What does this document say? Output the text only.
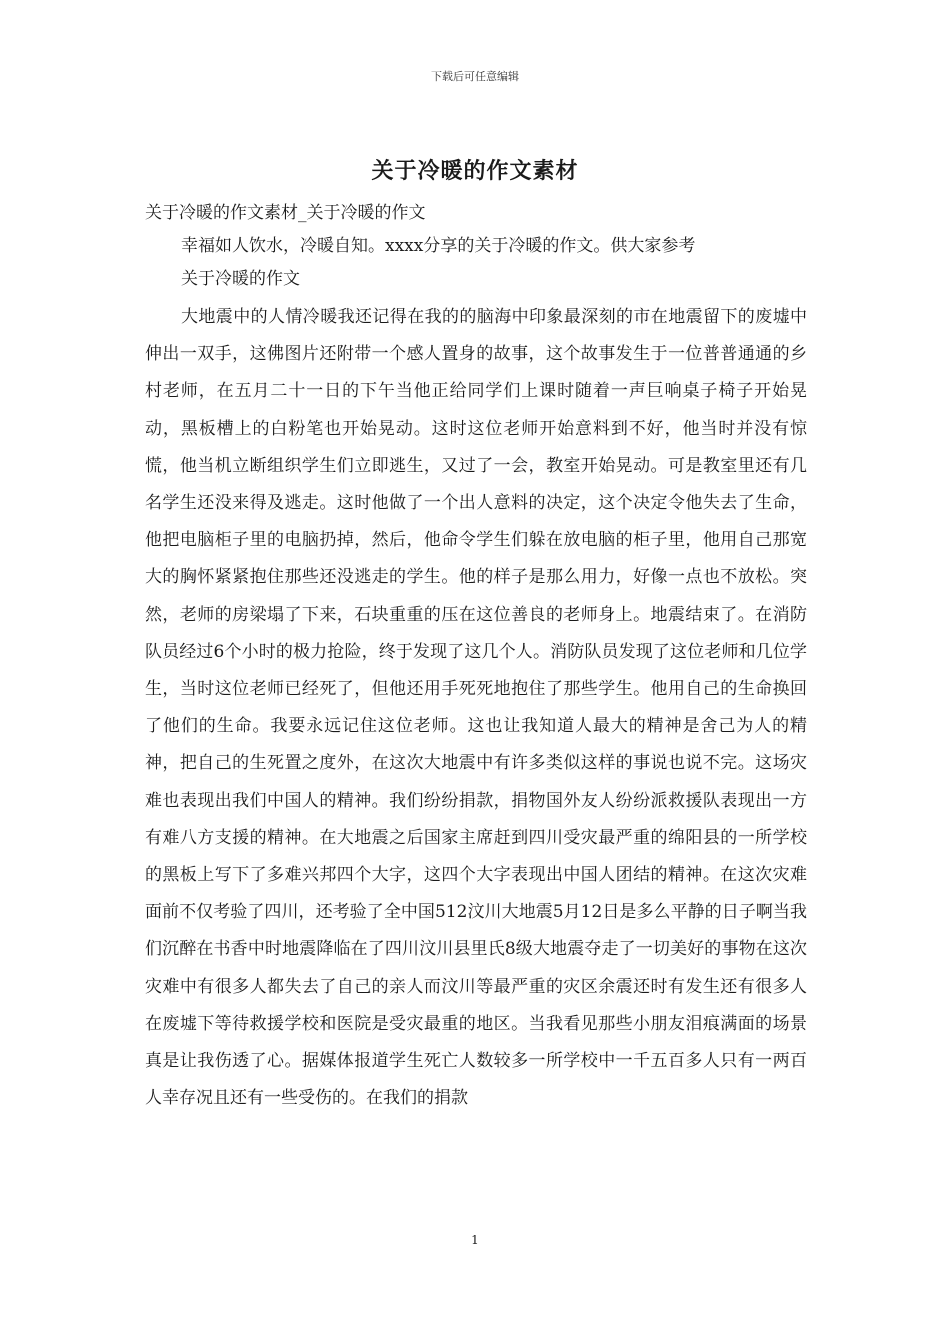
下载后可任意编辑
关于冷暖的作文素材

关于冷暖的作文素材_关于冷暖的作文

幸福如人饮水，冷暖自知。xxxx分享的关于冷暖的作文。供大家参考

关于冷暖的作文

大地震中的人情冷暖我还记得在我的的脑海中印象最深刻的市在地震留下的废墟中伸出一双手，这佛图片还附带一个感人置身的故事，这个故事发生于一位普普通通的乡村老师，在五月二十一日的下午当他正给同学们上课时随着一声巨响桌子椅子开始晃动，黑板槽上的白粉笔也开始晃动。这时这位老师开始意料到不好，他当时并没有惊慌，他当机立断组织学生们立即逃生，又过了一会，教室开始晃动。可是教室里还有几名学生还没来得及逃走。这时他做了一个出人意料的决定，这个决定令他失去了生命，他把电脑柜子里的电脑扔掉，然后，他命令学生们躲在放电脑的柜子里，他用自己那宽大的胸怀紧紧抱住那些还没逃走的学生。他的样子是那么用力，好像一点也不放松。突然，老师的房梁塌了下来，石块重重的压在这位善良的老师身上。地震结束了。在消防队员经过6个小时的极力抢险，终于发现了这几个人。消防队员发现了这位老师和几位学生，当时这位老师已经死了，但他还用手死死地抱住了那些学生。他用自己的生命换回了他们的生命。我要永远记住这位老师。这也让我知道人最大的精神是舍己为人的精神，把自己的生死置之度外，在这次大地震中有许多类似这样的事说也说不完。这场灾难也表现出我们中国人的精神。我们纷纷捐款，捐物国外友人纷纷派救援队表现出一方有难八方支援的精神。在大地震之后国家主席赶到四川受灾最严重的绵阳县的一所学校的黑板上写下了多难兴邦四个大字，这四个大字表现出中国人团结的精神。在这次灾难面前不仅考验了四川，还考验了全中国512汶川大地震5月12日是多么平静的日子啊当我们沉醉在书香中时地震降临在了四川汶川县里氏8级大地震夺走了一切美好的事物在这次灾难中有很多人都失去了自己的亲人而汶川等最严重的灾区余震还时有发生还有很多人在废墟下等待救援学校和医院是受灾最重的地区。当我看见那些小朋友泪痕满面的场景真是让我伤透了心。据媒体报道学生死亡人数较多一所学校中一千五百多人只有一两百人幸存况且还有一些受伤的。在我们的捐款

1
